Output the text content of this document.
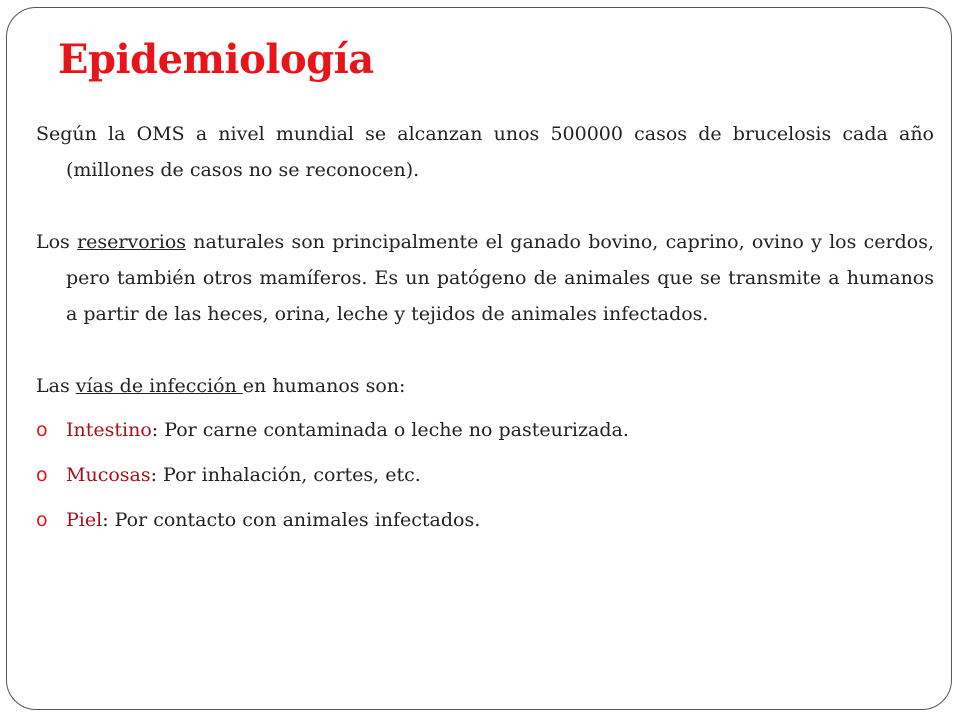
Epidemiología

Según la OMS a nivel mundial se alcanzan unos 500000 casos de brucelosis cada año (millones de casos no se reconocen).

Los reservorios naturales son principalmente el ganado bovino, caprino, ovino y los cerdos, pero también otros mamíferos. Es un patógeno de animales que se transmite a humanos a partir de las heces, orina, leche y tejidos de animales infectados.

Las vías de infección en humanos son:

o Intestino: Por carne contaminada o leche no pasteurizada.
o Mucosas: Por inhalación, cortes, etc.
o Piel: Por contacto con animales infectados.
